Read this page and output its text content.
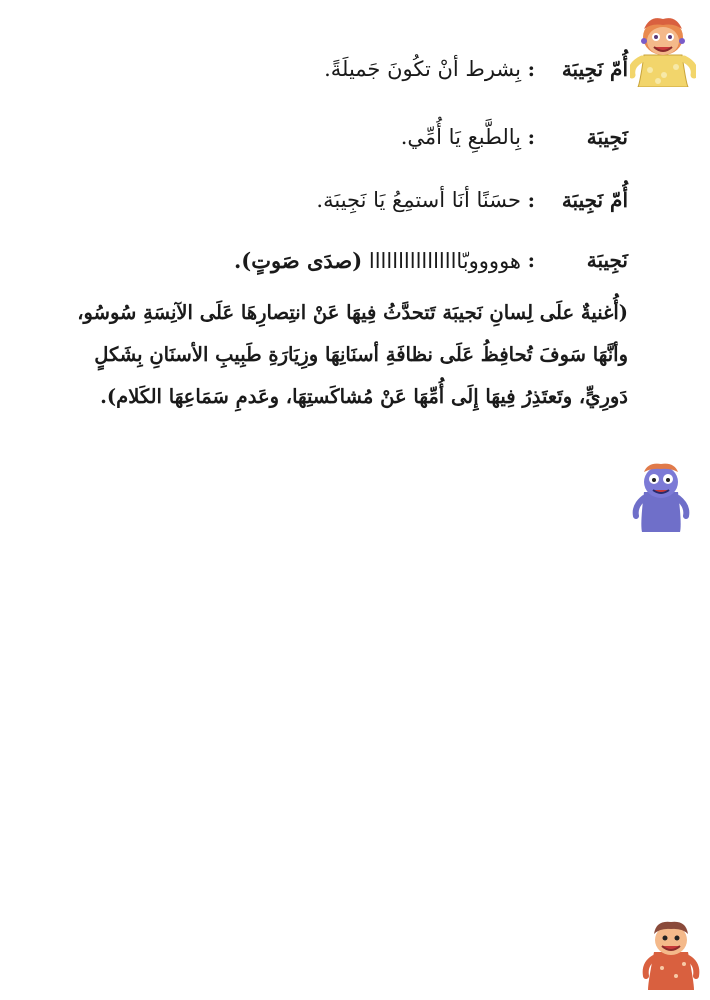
أُمّ نَجِيبَة
:
بِشرط أنْ تكُونَ جَميلَةً.
نَجِيبَة
:
بِالطَّبعِ يَا أُمِّي.
أُمّ نَجِيبَة
:
حسَنًا أنَا أستمِعُ يَا نَجِيبَة.
نَجِيبَة
:
هووووبّاااااااااااااااا (صدَى صَوتٍ).
(أُغنيةٌ علَى لِسانِ نَجيبَة تَتحدَّثُ فِيهَا عَنْ انتِصارِهَا عَلَى الآنِسَةِ سُوسُو،
وأنَّهَا سَوفَ تُحافِظُ عَلَى نظافَةِ أسنَانِهَا وزِيَارَةِ طَبِيبِ الأسنَانِ بِشَكلٍ
دَورِيٍّ، وتَعتَذِرُ فِيهَا إِلَى أُمِّهَا عَنْ مُشاكَستِهَا، وعَدمِ سَمَاعِهَا الكَلام).
